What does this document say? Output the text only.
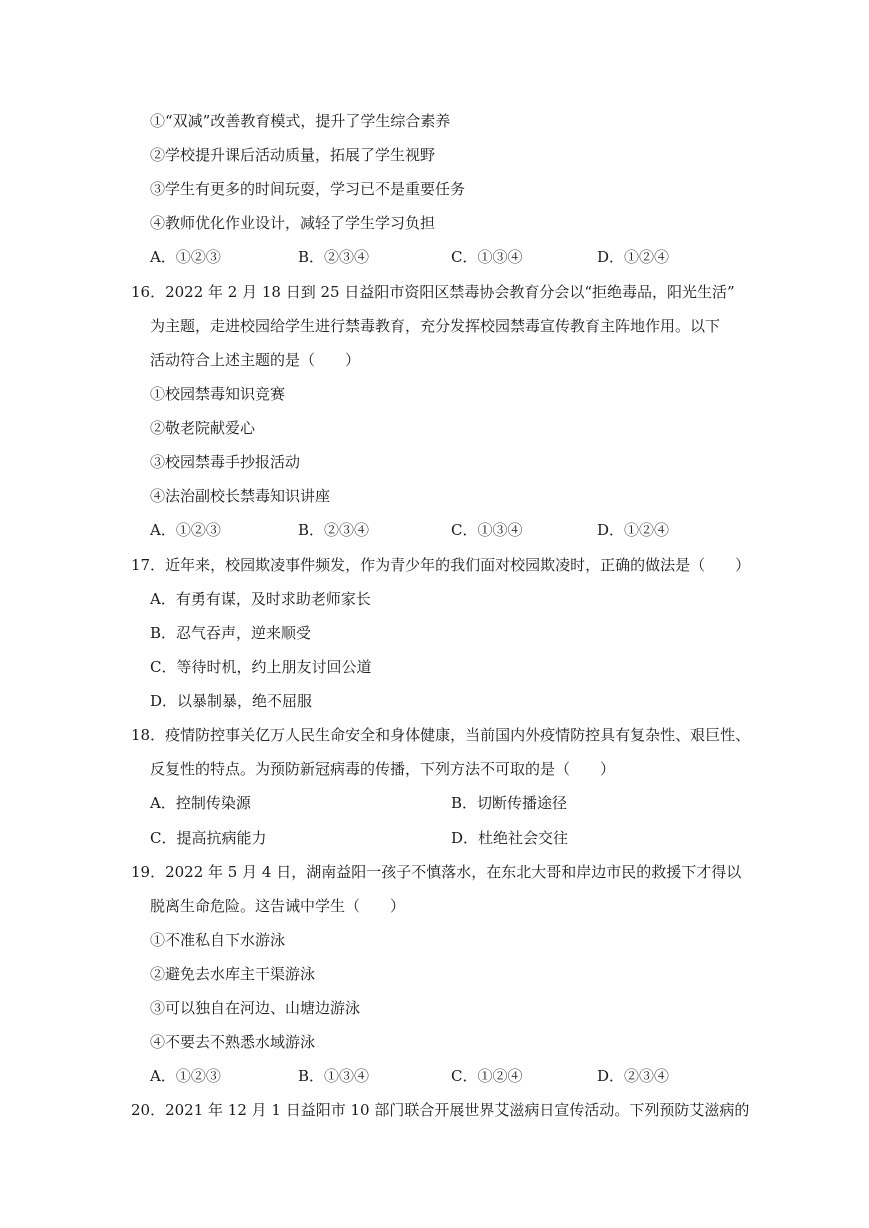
①“双减”改善教育模式，提升了学生综合素养
②学校提升课后活动质量，拓展了学生视野
③学生有更多的时间玩耍，学习已不是重要任务
④教师优化作业设计，减轻了学生学习负担
A．①②③	B．②③④	C．①③④	D．①②④
16．2022 年 2 月 18 日到 25 日益阳市资阳区禁毒协会教育分会以“拒绝毒品，阳光生活”
为主题，走进校园给学生进行禁毒教育，充分发挥校园禁毒宣传教育主阵地作用。以下
活动符合上述主题的是（　　）
①校园禁毒知识竞赛
②敬老院献爱心
③校园禁毒手抄报活动
④法治副校长禁毒知识讲座
A．①②③	B．②③④	C．①③④	D．①②④
17．近年来，校园欺凌事件频发，作为青少年的我们面对校园欺凌时，正确的做法是（　　）
A．有勇有谋，及时求助老师家长
B．忍气吞声，逆来顺受
C．等待时机，约上朋友讨回公道
D．以暴制暴，绝不屈服
18．疫情防控事关亿万人民生命安全和身体健康，当前国内外疫情防控具有复杂性、艰巨性、
反复性的特点。为预防新冠病毒的传播，下列方法不可取的是（　　）
A．控制传染源	B．切断传播途径
C．提高抗病能力	D．杜绝社会交往
19．2022 年 5 月 4 日，湖南益阳一孩子不慎落水，在东北大哥和岸边市民的救援下才得以
脱离生命危险。这告诫中学生（　　）
①不准私自下水游泳
②避免去水库主干渠游泳
③可以独自在河边、山塘边游泳
④不要去不熟悉水域游泳
A．①②③	B．①③④	C．①②④	D．②③④
20．2021 年 12 月 1 日益阳市 10 部门联合开展世界艾滋病日宣传活动。下列预防艾滋病的
